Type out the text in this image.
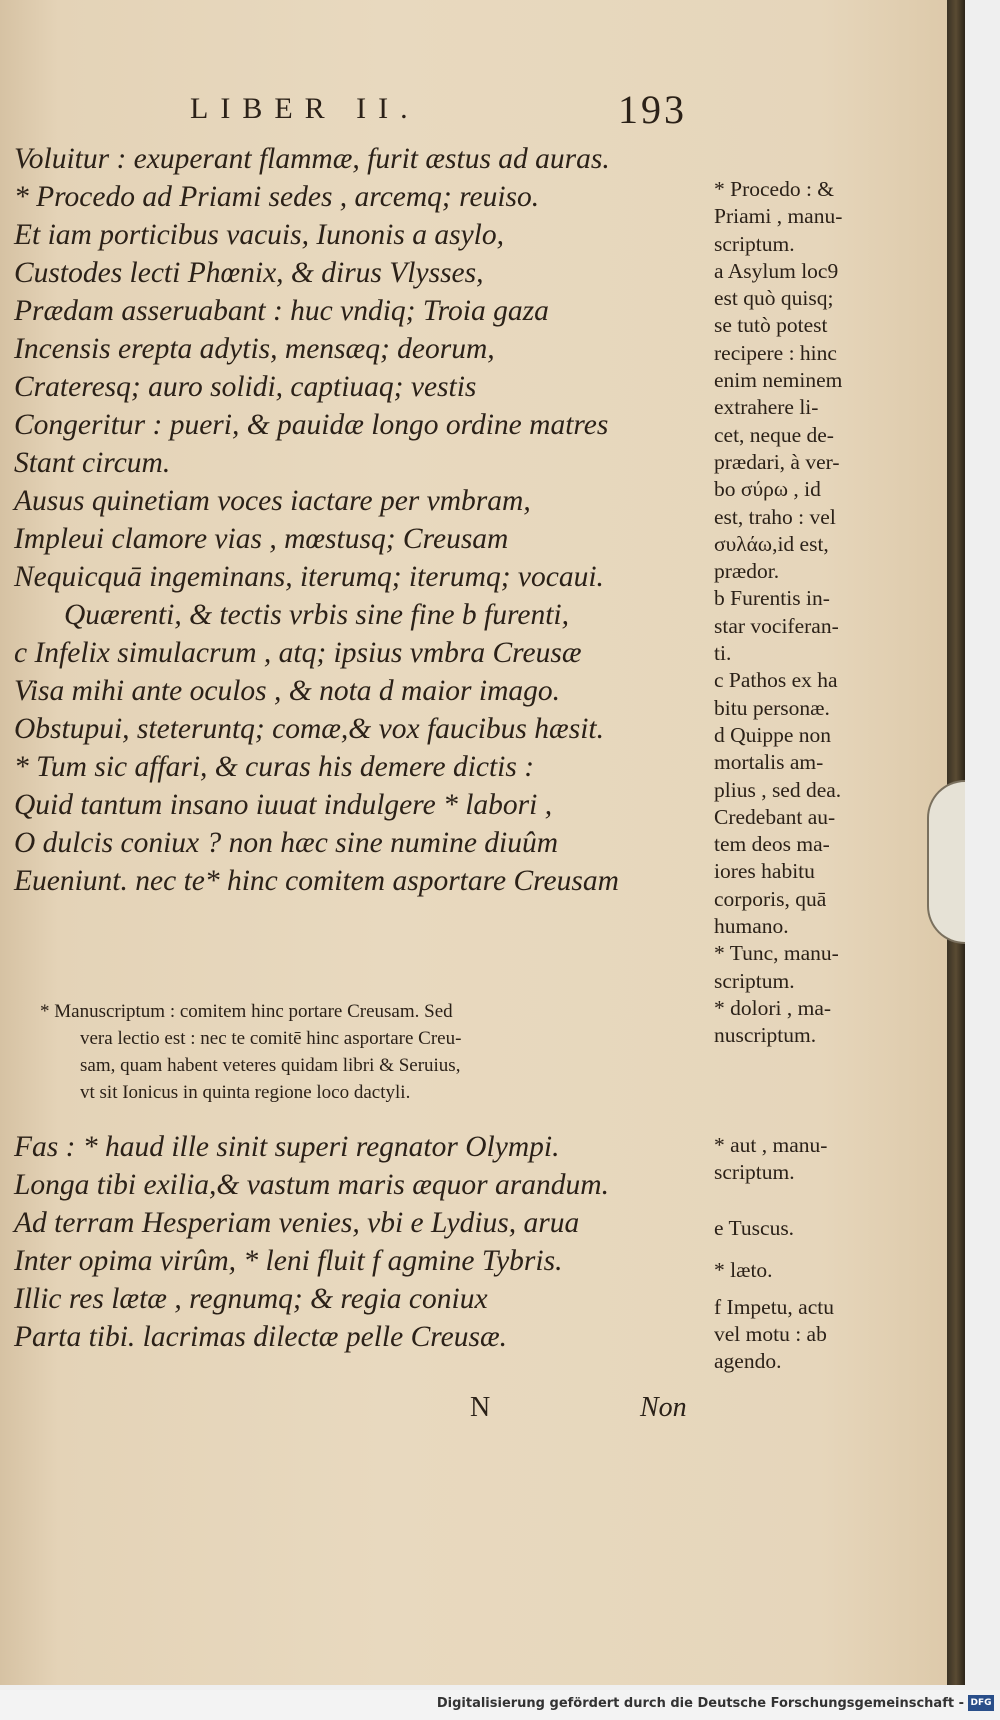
LIBER II.	193
Voluitur : exuperant flammæ, furit æstus ad auras.
* Procedo ad Priami sedes , arcemq; reuiso.
Et iam porticibus vacuis, Iunonis a asylo,
Custodes lecti Phœnix, & dirus Vlysses,
Prædam asseruabant : huc vndiq; Troia gaza
Incensis erepta adytis, mensæq; deorum,
Crateresq; auro solidi, captiuaq; vestis
Congeritur : pueri, & pauidæ longo ordine matres
Stant circum.
Ausus quinetiam voces iactare per vmbram,
Impleui clamore vias , mœstusq; Creusam
Nequicquā ingeminans, iterumq; iterumq; vocaui.
Quærenti, & tectis vrbis sine fine b furenti,
c Infelix simulacrum , atq; ipsius vmbra Creusæ
Visa mihi ante oculos , & nota d maior imago.
Obstupui, steteruntq; comæ,& vox faucibus hæsit.
* Tum sic affari, & curas his demere dictis :
Quid tantum insano iuuat indulgere * labori ,
O dulcis coniux ? non hæc sine numine diuûm
Eueniunt. nec te* hinc comitem asportare Creusam
* Manuscriptum : comitem hinc portare Creusam. Sed
vera lectio est : nec te comitē hinc asportare Creu-
sam, quam habent veteres quidam libri & Seruius,
vt sit Ionicus in quinta regione loco dactyli.
Fas : * haud ille sinit superi regnator Olympi.
Longa tibi exilia,& vastum maris æquor arandum.
Ad terram Hesperiam venies, vbi e Lydius, arua
Inter opima virûm, * leni fluit f agmine Tybris.
Illic res lætæ , regnumq; & regia coniux
Parta tibi. lacrimas dilectæ pelle Creusæ.
* Procedo : &
Priami , manu-
scriptum.
a Asylum loc9
est quò quisq;
se tutò potest
recipere : hinc
enim neminem
extrahere li-
cet, neque de-
prædari, à ver-
bo σύρω , id
est, traho : vel
συλάω,id est,
prædor.
b Furentis in-
star vociferan-
ti.
c Pathos ex ha
bitu personæ.
d Quippe non
mortalis am-
plius , sed dea.
Credebant au-
tem deos ma-
iores habitu
corporis, quā
humano.
* Tunc, manu-
scriptum.
* dolori , ma-
nuscriptum.
* aut , manu-
scriptum.
e Tuscus.
* læto.
f Impetu, actu
vel motu : ab
agendo.
N	Non
Digitalisierung gefördert durch die Deutsche Forschungsgemeinschaft - DFG
